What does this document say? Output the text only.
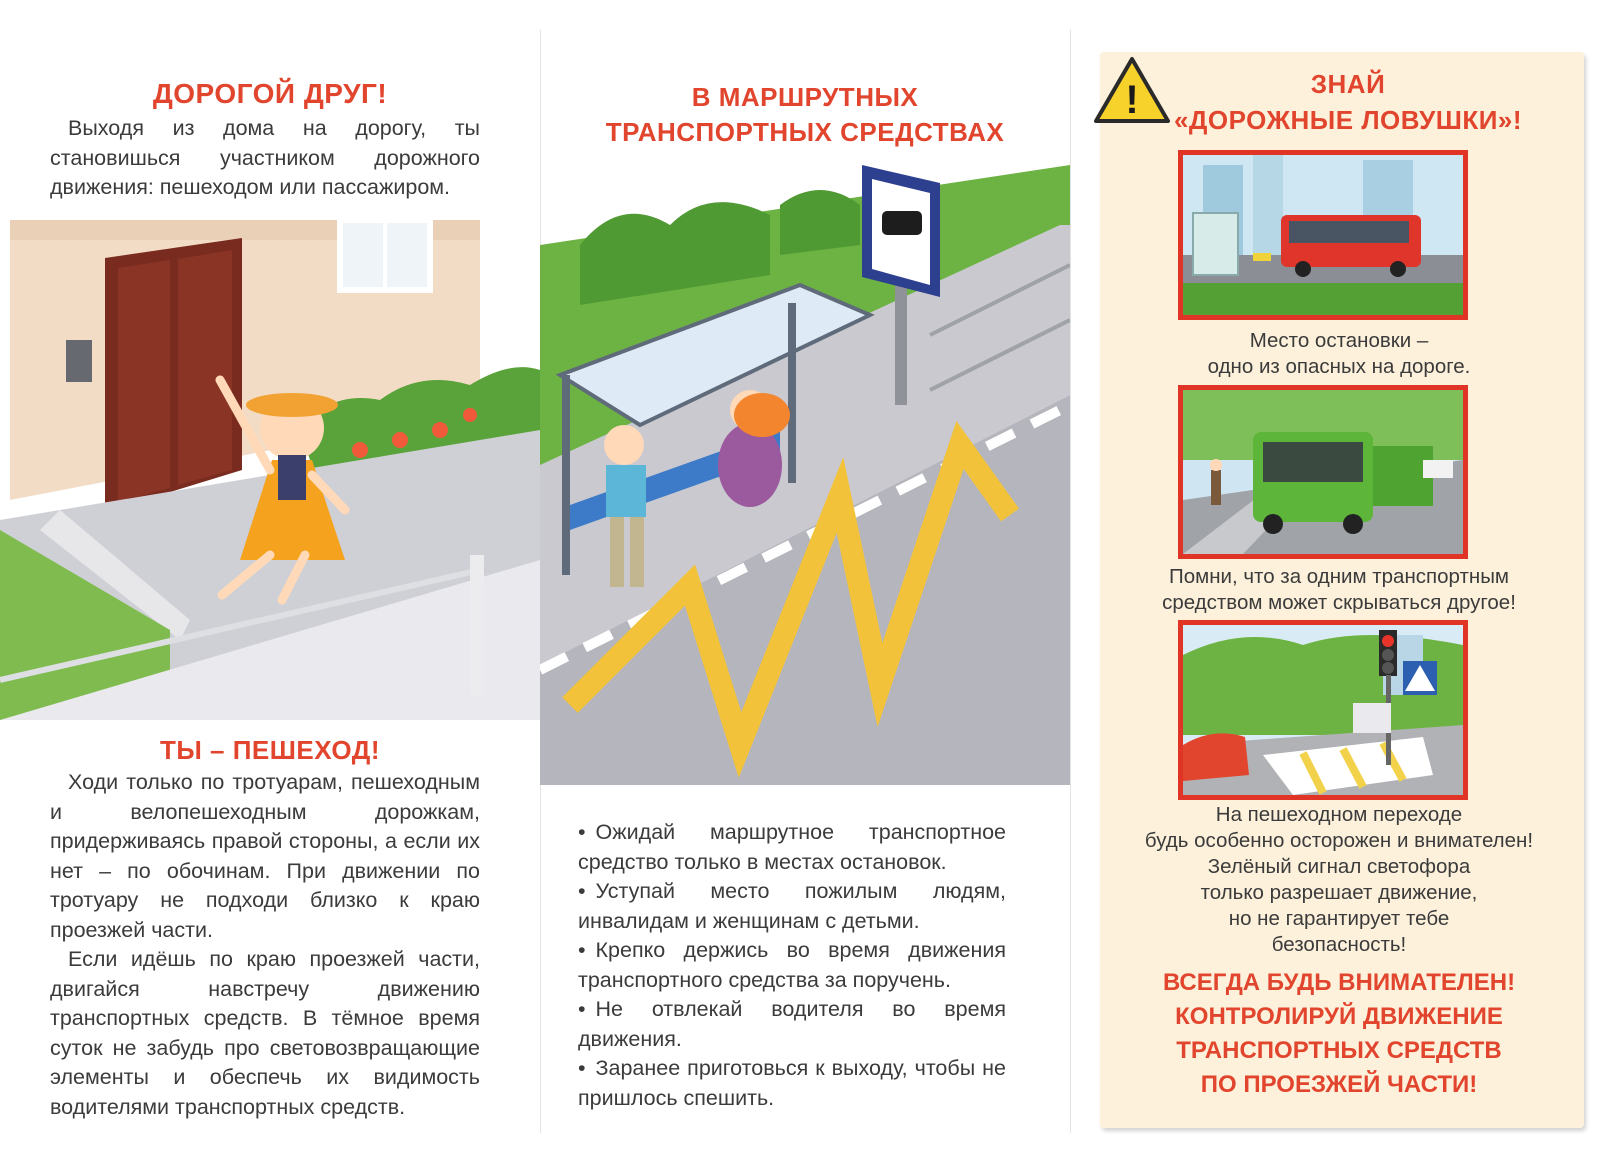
ДОРОГОЙ ДРУГ!

Выходя из дома на дорогу, ты становишься участником дорожного движения: пешеходом или пассажиром.

ТЫ – ПЕШЕХОД!

Ходи только по тротуарам, пешеходным и велопешеходным дорожкам, придерживаясь правой стороны, а если их нет – по обочинам. При движении по тротуару не подходи близко к краю проезжей части.

Если идёшь по краю проезжей части, двигайся навстречу движению транспортных средств. В тёмное время суток не забудь про световозвращающие элементы и обеспечь их видимость водителями транспортных средств.

В МАРШРУТНЫХ
ТРАНСПОРТНЫХ СРЕДСТВАХ
• Ожидай маршрутное транспортное средство только в местах остановок.
• Уступай место пожилым людям, инвалидам и женщинам с детьми.
• Крепко держись во время движения транспортного средства за поручень.
• Не отвлекай водителя во время движения.
• Заранее приготовься к выходу, чтобы не пришлось спешить.
!	ЗНАЙ
«ДОРОЖНЫЕ ЛОВУШКИ»!
Место остановки –
одно из опасных на дороге.
Помни, что за одним транспортным
средством может скрываться другое!
На пешеходном переходе
будь особенно осторожен и внимателен!
Зелёный сигнал светофора
только разрешает движение,
но не гарантирует тебе
безопасность!
ВСЕГДА БУДЬ ВНИМАТЕЛЕН!
КОНТРОЛИРУЙ ДВИЖЕНИЕ
ТРАНСПОРТНЫХ СРЕДСТВ
ПО ПРОЕЗЖЕЙ ЧАСТИ!
